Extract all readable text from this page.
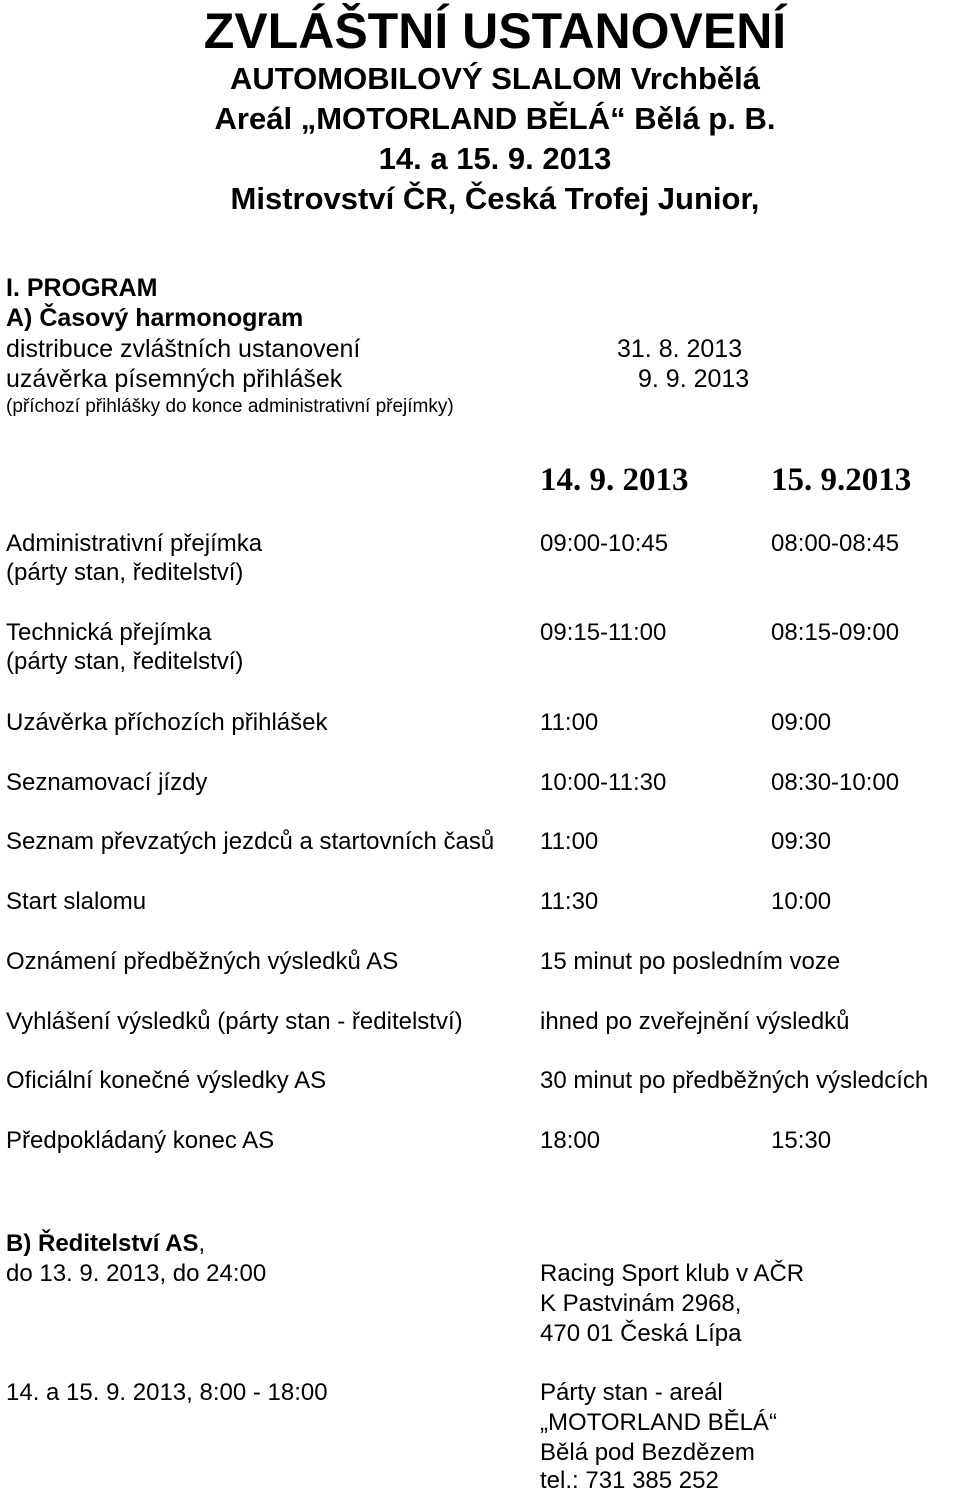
ZVLÁŠTNÍ USTANOVENÍ
AUTOMOBILOVÝ SLALOM Vrchbělá
Areál „MOTORLAND BĚLÁ“ Bělá p. B.
14. a 15. 9. 2013
Mistrovství ČR, Česká Trofej Junior,
I. PROGRAM
A) Časový harmonogram
distribuce zvláštních ustanovení	31. 8. 2013
uzávěrka písemných přihlášek	9. 9. 2013
(příchozí přihlášky do konce administrativní přejímky)
14. 9. 2013	15. 9.2013
Administrativní přejímka
(párty stan, ředitelství)
09:00-10:45	08:00-08:45
Technická přejímka
(párty stan, ředitelství)
09:15-11:00	08:15-09:00
Uzávěrka příchozích přihlášek	11:00	09:00
Seznamovací jízdy	10:00-11:30	08:30-10:00
Seznam převzatých jezdců a startovních časů 11:00	09:30
Start slalomu	11:30	10:00
Oznámení předběžných výsledků AS	15 minut po posledním voze
Vyhlášení výsledků (párty stan - ředitelství)	ihned po zveřejnění výsledků
Oficiální konečné výsledky AS	30 minut po předběžných výsledcích
Předpokládaný konec AS	18:00	15:30
B) Ředitelství AS,
do 13. 9. 2013, do 24:00	Racing Sport klub v AČR
K Pastvinám 2968,
470 01 Česká Lípa
14. a 15. 9. 2013, 8:00 - 18:00	Párty stan - areál
„MOTORLAND BĚLÁ“
Bělá pod Bezdězem
tel.: 731 385 252
